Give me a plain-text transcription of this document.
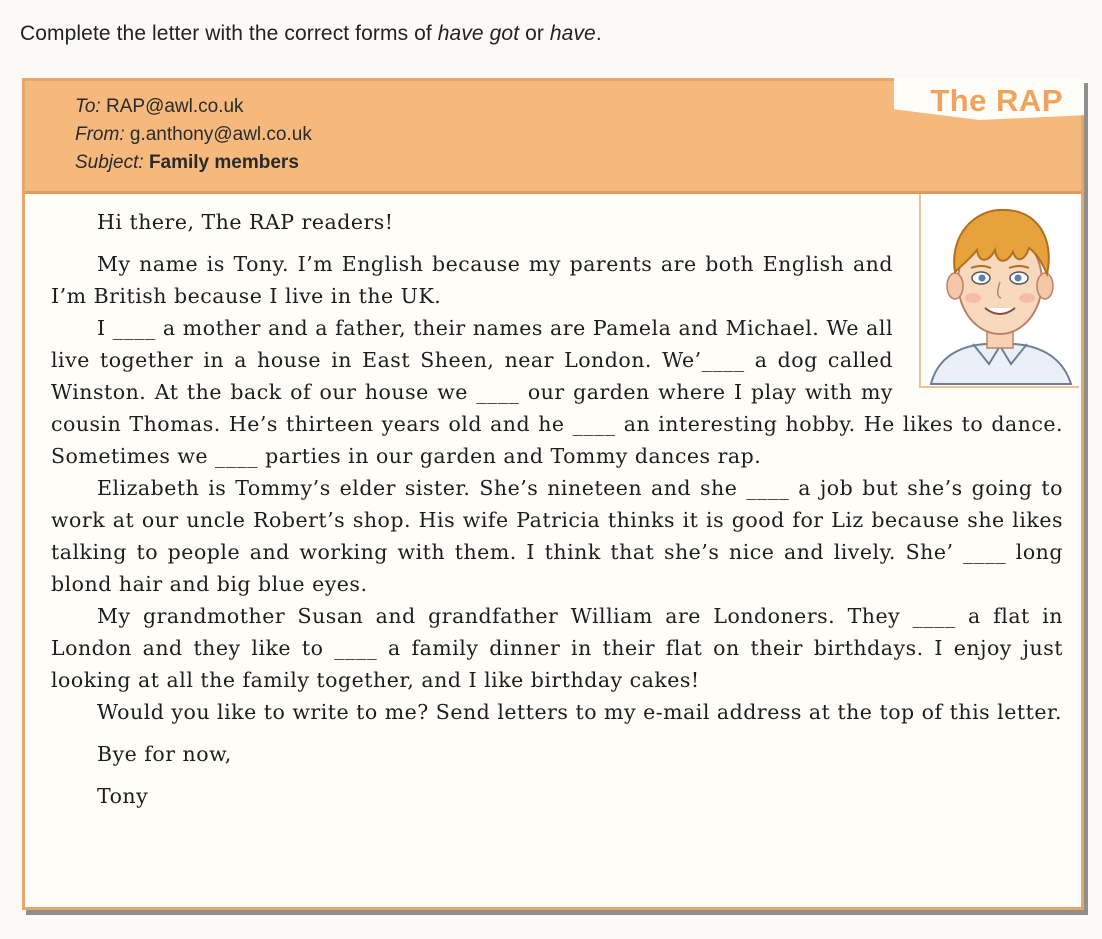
Complete the letter with the correct forms of have got or have.
To: RAP@awl.co.uk
From: g.anthony@awl.co.uk
Subject: Family members
The RAP

Hi there, The RAP readers!

My name is Tony. I’m English because my parents are both English and I’m British because I live in the UK.

I ____ a mother and a father, their names are Pamela and Michael. We all live together in a house in East Sheen, near London. We’____ a dog called Winston. At the back of our house we ____ our garden where I play with my cousin Thomas. He’s thirteen years old and he ____ an interesting hobby. He likes to dance. Sometimes we ____ parties in our garden and Tommy dances rap.

Elizabeth is Tommy’s elder sister. She’s nineteen and she ____ a job but she’s going to work at our uncle Robert’s shop. His wife Patricia thinks it is good for Liz because she likes talking to people and working with them. I think that she’s nice and lively. She’ ____ long blond hair and big blue eyes.

My grandmother Susan and grandfather William are Londoners. They ____ a flat in London and they like to ____ a family dinner in their flat on their birthdays. I enjoy just looking at all the family together, and I like birthday cakes!

Would you like to write to me? Send letters to my e-mail address at the top of this letter.

Bye for now,

Tony
